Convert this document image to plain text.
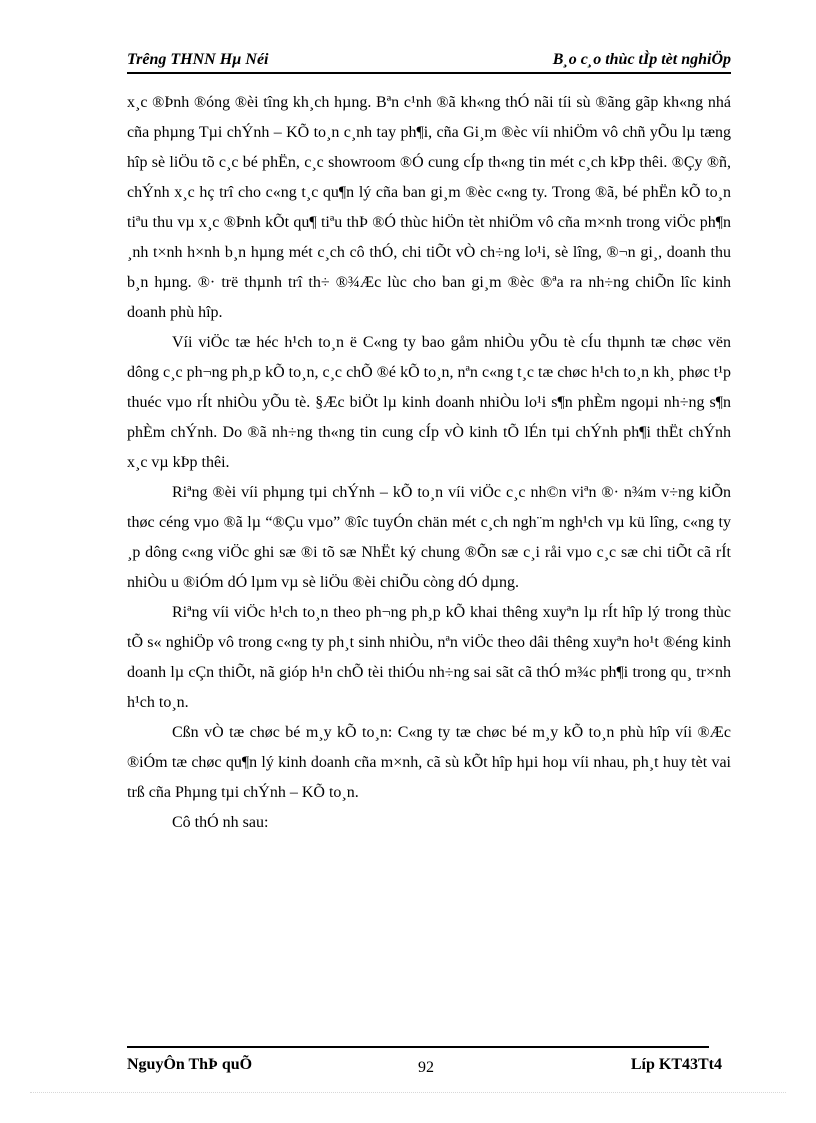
Trêng THNN Hµ Néi	B¸o c¸o thùc tÌp tèt nghiÖp

x¸c ®Þnh ®óng ®èi tîng kh¸ch hµng. Bªn c¹nh ®ã kh«ng thÓ nãi tíi sù ®ãng gãp kh«ng nhá cña phµng Tµi chÝnh – KÕ to¸n c¸nh tay ph¶i, cña Gi¸m ®èc víi nhiÖm vô chñ yÕu lµ tæng hîp sè liÖu tõ c¸c bé phËn, c¸c showroom ®Ó cung cÍp th«ng tin mét c¸ch kÞp thêi. ®Çy ®ñ, chÝnh x¸c hç trî cho c«ng t¸c qu¶n lý cña ban gi¸m ®èc c«ng ty. Trong ®ã, bé phËn kÕ to¸n tiªu thu vµ x¸c ®Þnh kÕt qu¶ tiªu thÞ ®Ó thùc hiÖn tèt nhiÖm vô cña m×nh trong viÖc ph¶n ¸nh t×nh h×nh b¸n hµng mét c¸ch cô thÓ, chi tiÕt vÒ ch÷ng lo¹i, sè lîng, ®¬n gi¸, doanh thu b¸n hµng. ®· trë thµnh trî th÷ ®¾Æc lùc cho ban gi¸m ®èc ®ªa ra nh÷ng chiÕn lîc kinh doanh phù hîp.

Víi viÖc tæ héc h¹ch to¸n ë C«ng ty bao gåm nhiÒu yÕu tè cÍu thµnh tæ chøc vën dông c¸c ph¬ng ph¸p kÕ to¸n, c¸c chÕ ®é kÕ to¸n, nªn c«ng t¸c tæ chøc h¹ch to¸n kh¸ phøc t¹p thuéc vµo rÍt nhiÒu yÕu tè. §Æc biÖt lµ kinh doanh nhiÒu lo¹i s¶n phÈm ngoµi nh÷ng s¶n phÈm chÝnh. Do ®ã nh÷ng th«ng tin cung cÍp vÒ kinh tÕ lÉn tµi chÝnh ph¶i thËt chÝnh x¸c vµ kÞp thêi.

Riªng ®èi víi phµng tµi chÝnh – kÕ to¸n víi viÖc c¸c nh©n viªn ®· n¾m v÷ng kiÕn thøc céng vµo ®ã lµ “®Çu vµo” ®îc tuyÓn chän mét c¸ch ngh¨m ngh¹ch vµ kü lîng, c«ng ty ¸p dông c«ng viÖc ghi sæ ®i tõ sæ NhËt ký chung ®Õn sæ c¸i råi vµo c¸c sæ chi tiÕt cã rÍt nhiÒu u ®iÓm dÓ lµm vµ sè liÖu ®èi chiÕu còng dÓ dµng.

Riªng víi viÖc h¹ch to¸n theo ph¬ng ph¸p kÕ khai thêng xuyªn lµ rÍt hîp lý trong thùc tÕ s« nghiÖp vô trong c«ng ty ph¸t sinh nhiÒu, nªn viÖc theo dâi thêng xuyªn ho¹t ®éng kinh doanh lµ cÇn thiÕt, nã gióp h¹n chÕ tèi thiÓu nh÷ng sai sãt cã thÓ m¾c ph¶i trong qu¸ tr×nh h¹ch to¸n.

Cßn vÒ tæ chøc bé m¸y kÕ to¸n: C«ng ty tæ chøc bé m¸y kÕ to¸n phù hîp víi ®Æc ®iÓm tæ chøc qu¶n lý kinh doanh cña m×nh, cã sù kÕt hîp hµi hoµ víi nhau, ph¸t huy tèt vai trß cña Phµng tµi chÝnh – KÕ to¸n.

Cô thÓ nh sau:

NguyÔn ThÞ quÕ	92	Líp KT43Tt4
